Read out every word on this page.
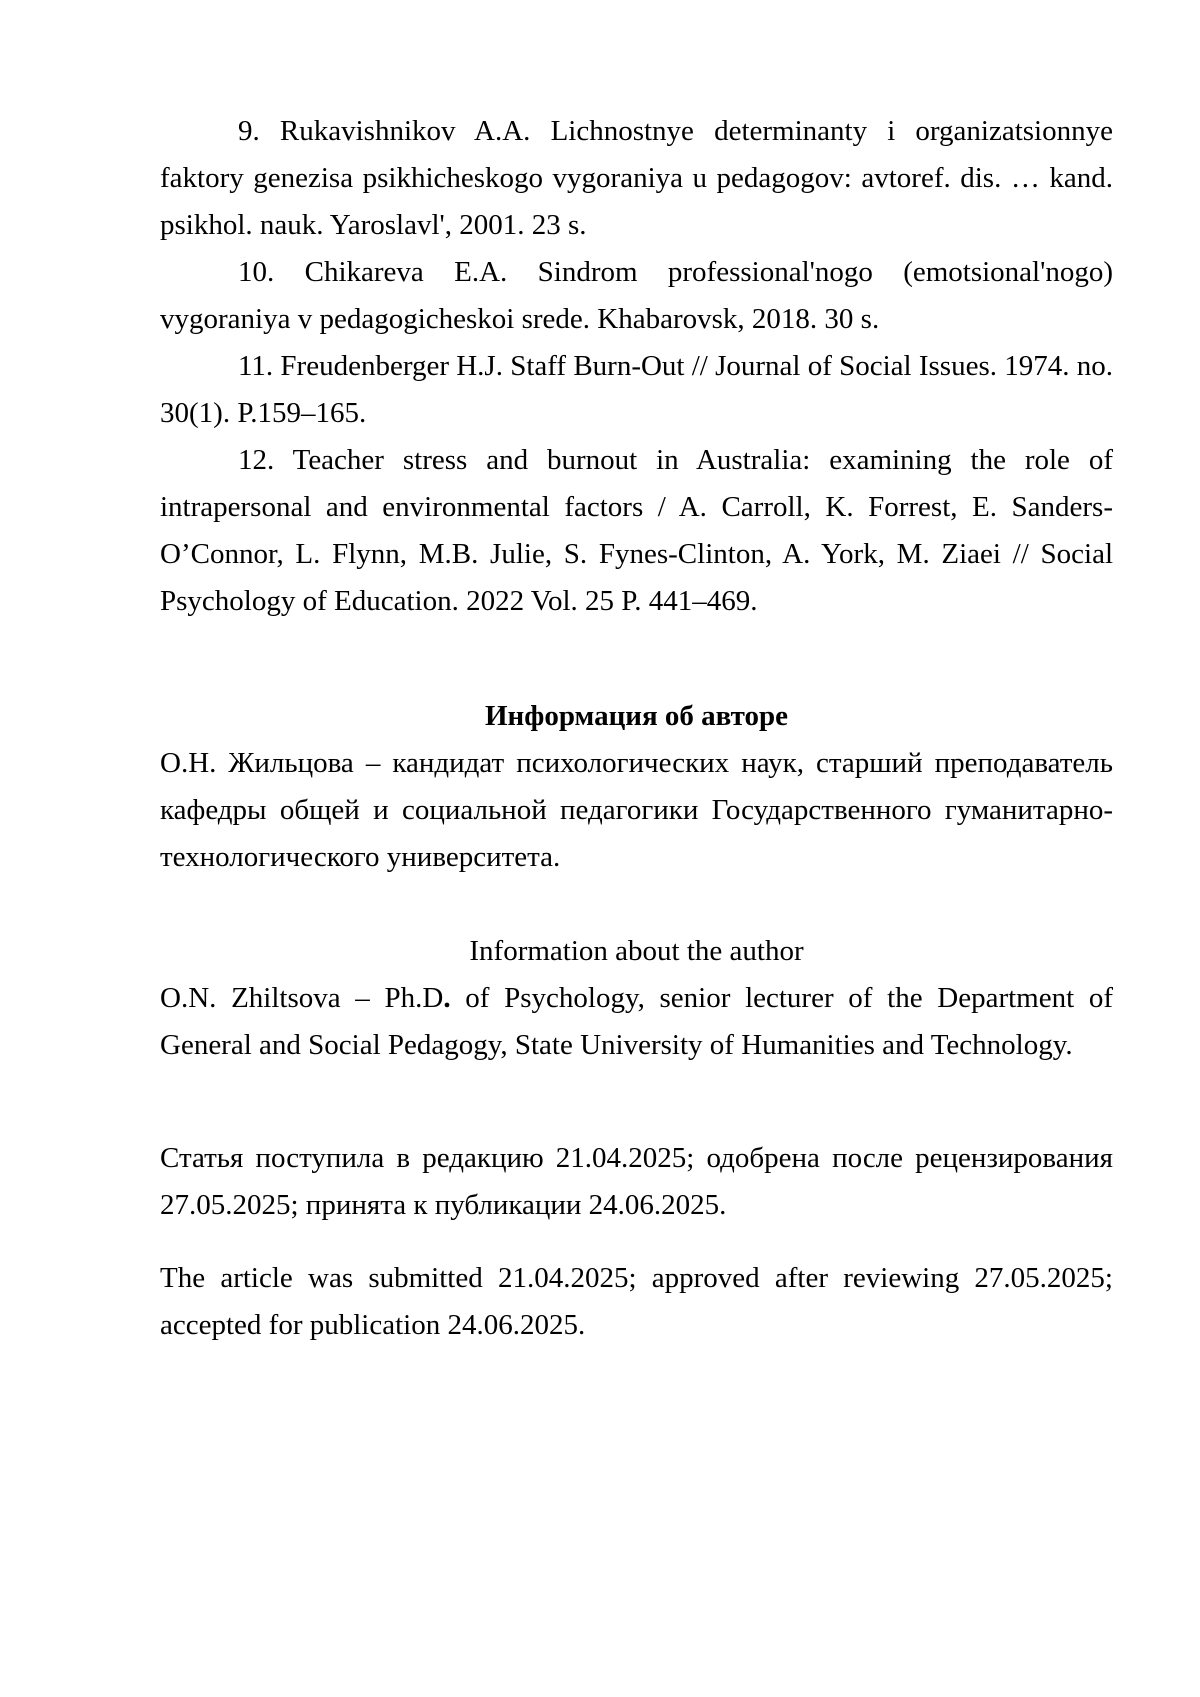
9. Rukavishnikov A.A. Lichnostnye determinanty i organizatsionnye faktory genezisa psikhicheskogo vygoraniya u pedagogov: avtoref. dis. … kand. psikhol. nauk. Yaroslavl', 2001. 23 s.

10. Chikareva E.A. Sindrom professional'nogo (emotsional'nogo) vygoraniya v pedagogicheskoi srede. Khabarovsk, 2018. 30 s.

11. Freudenberger H.J. Staff Burn-Out // Journal of Social Issues. 1974. no. 30(1). P.159–165.

12. Teacher stress and burnout in Australia: examining the role of intrapersonal and environmental factors / A. Carroll, K. Forrest, E. Sanders-O’Connor, L. Flynn, M.B. Julie, S. Fynes-Clinton, A. York, M. Ziaei // Social Psychology of Education. 2022 Vol. 25 P. 441–469.

Информация об авторе

О.Н. Жильцова – кандидат психологических наук, старший преподаватель кафедры общей и социальной педагогики Государственного гуманитарно-технологического университета.

Information about the author

O.N. Zhiltsova – Ph.D. of Psychology, senior lecturer of the Department of General and Social Pedagogy, State University of Humanities and Technology.

Статья поступила в редакцию 21.04.2025; одобрена после рецензирования 27.05.2025; принята к публикации 24.06.2025.

The article was submitted 21.04.2025; approved after reviewing 27.05.2025; accepted for publication 24.06.2025.
